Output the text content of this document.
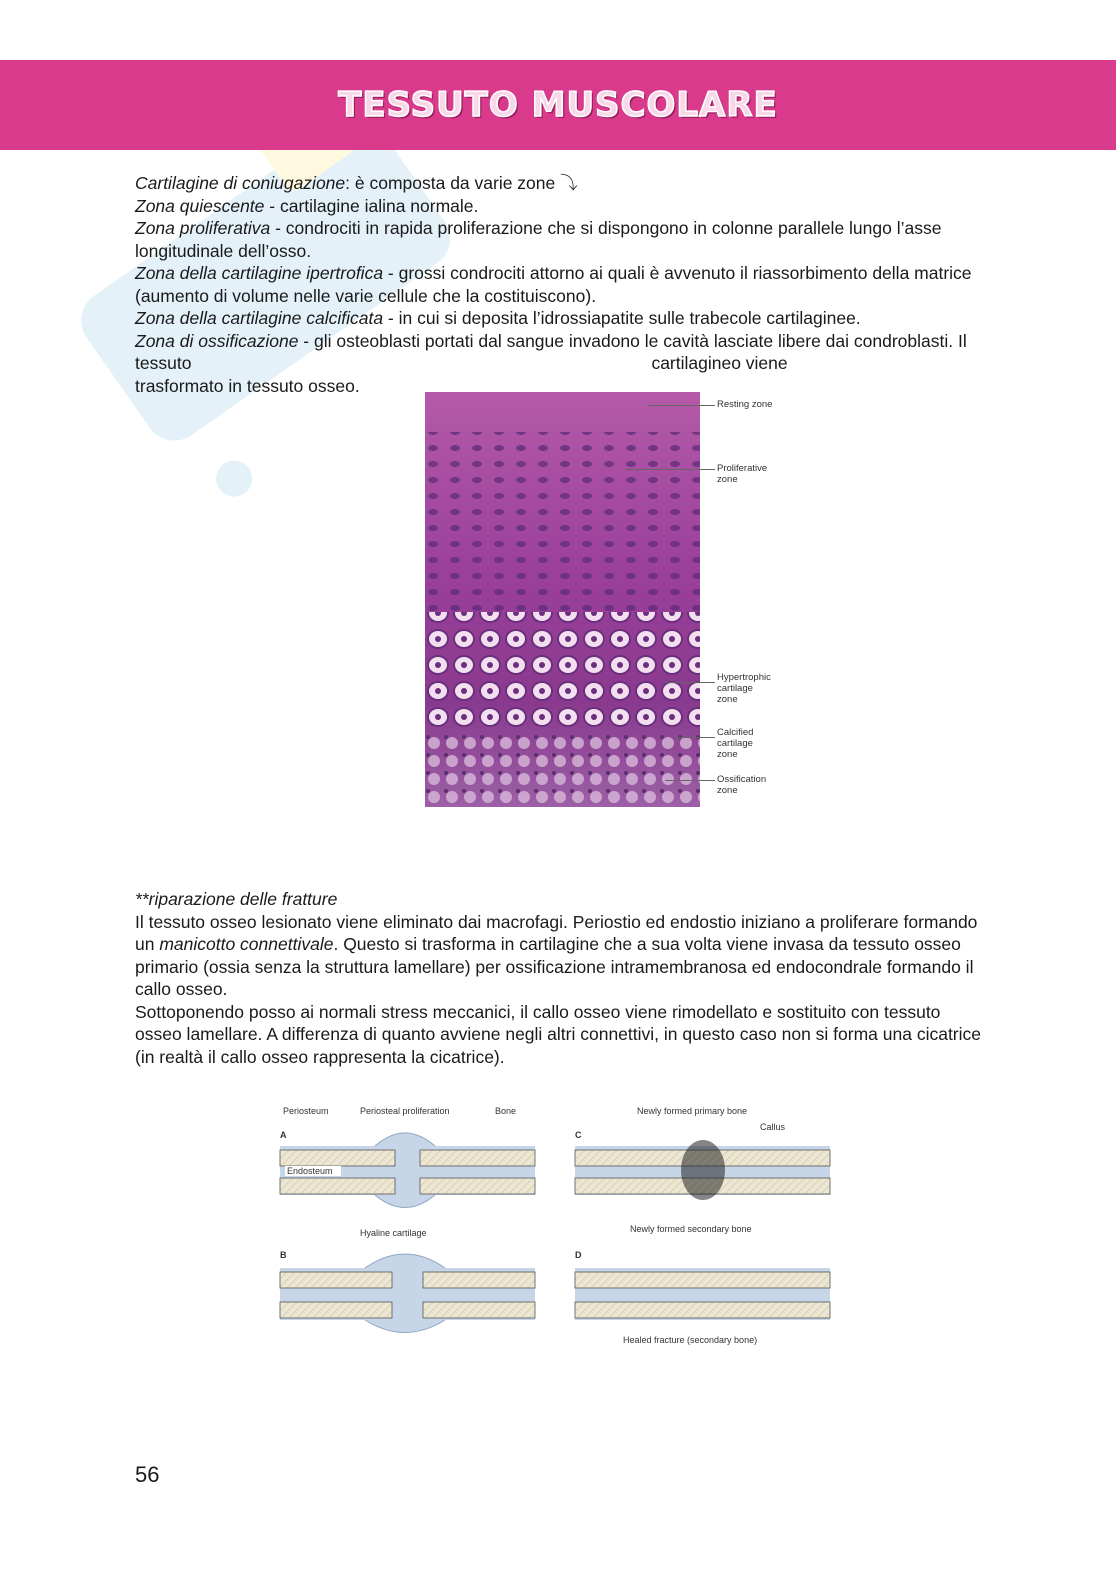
TESSUTO MUSCOLARE

Cartilagine di coniugazione: è composta da varie zone ⤵

Zona quiescente - cartilagine ialina normale.

Zona proliferativa - condrociti in rapida proliferazione che si dispongono in colonne parallele lungo l’asse longitudinale dell’osso.

Zona della cartilagine ipertrofica - grossi condrociti attorno ai quali è avvenuto il riassorbimento della matrice (aumento di volume nelle varie cellule che la costituiscono).

Zona della cartilagine calcificata - in cui si deposita l’idrossiapatite sulle trabecole cartilaginee.

Zona di ossificazione - gli osteoblasti portati dal sangue invadono le cavità lasciate libere dai condroblasti. Il tessuto	cartilagineo viene

trasformato in tessuto osseo.

Resting zone
Proliferative
zone
Hypertrophic
cartilage
zone
Calcified
cartilage
zone
Ossification
zone

**riparazione delle fratture

Il tessuto osseo lesionato viene eliminato dai macrofagi. Periostio ed endostio iniziano a proliferare formando un manicotto connettivale. Questo si trasforma in cartilagine che a sua volta viene invasa da tessuto osseo primario (ossia senza la struttura lamellare) per ossificazione intramembranosa ed endocondrale formando il callo osseo.

Sottoponendo posso ai normali stress meccanici, il callo osseo viene rimodellato e sostituito con tessuto osseo lamellare. A differenza di quanto avviene negli altri connettivi, in questo caso non si forma una cicatrice (in realtà il callo osseo rappresenta la cicatrice).

A
Periosteum	Periosteal proliferation	Bone
Endosteum
B
Hyaline cartilage
C
Newly formed primary bone
Callus
Newly formed secondary bone
D
Healed fracture (secondary bone)
56
